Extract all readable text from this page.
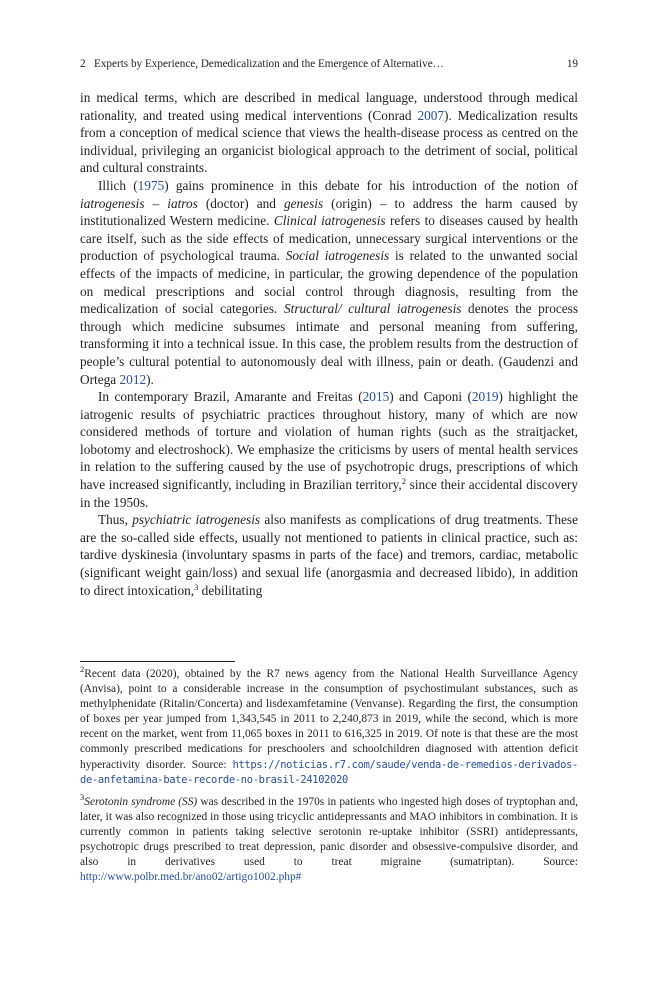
2   Experts by Experience, Demedicalization and the Emergence of Alternative…	19

in medical terms, which are described in medical language, understood through medical rationality, and treated using medical interventions (Conrad 2007). Medicalization results from a conception of medical science that views the health-disease process as centred on the individual, privileging an organicist biological approach to the detriment of social, political and cultural constraints.

Illich (1975) gains prominence in this debate for his introduction of the notion of iatrogenesis – iatros (doctor) and genesis (origin) – to address the harm caused by institutionalized Western medicine. Clinical iatrogenesis refers to diseases caused by health care itself, such as the side effects of medication, unnecessary surgical interventions or the production of psychological trauma. Social iatrogenesis is related to the unwanted social effects of the impacts of medicine, in particular, the growing dependence of the population on medical prescriptions and social control through diagnosis, resulting from the medicalization of social categories. Structural/ cultural iatrogenesis denotes the process through which medicine subsumes intimate and personal meaning from suffering, transforming it into a technical issue. In this case, the problem results from the destruction of people’s cultural potential to autonomously deal with illness, pain or death. (Gaudenzi and Ortega 2012).

In contemporary Brazil, Amarante and Freitas (2015) and Caponi (2019) highlight the iatrogenic results of psychiatric practices throughout history, many of which are now considered methods of torture and violation of human rights (such as the straitjacket, lobotomy and electroshock). We emphasize the criticisms by users of mental health services in relation to the suffering caused by the use of psychotropic drugs, prescriptions of which have increased significantly, including in Brazilian territory,$^2$ since their accidental discovery in the 1950s.

Thus, psychiatric iatrogenesis also manifests as complications of drug treatments. These are the so-called side effects, usually not mentioned to patients in clinical practice, such as: tardive dyskinesia (involuntary spasms in parts of the face) and tremors, cardiac, metabolic (significant weight gain/loss) and sexual life (anorgasmia and decreased libido), in addition to direct intoxication,$^3$ debilitating

$^2$Recent data (2020), obtained by the R7 news agency from the National Health Surveillance Agency (Anvisa), point to a considerable increase in the consumption of psychostimulant substances, such as methylphenidate (Ritalin/Concerta) and lisdexamfetamine (Venvanse). Regarding the first, the consumption of boxes per year jumped from 1,343,545 in 2011 to 2,240,873 in 2019, while the second, which is more recent on the market, went from 11,065 boxes in 2011 to 616,325 in 2019. Of note is that these are the most commonly prescribed medications for preschoolers and schoolchildren diagnosed with attention deficit hyperactivity disorder. Source: https://noticias.r7.com/saude/venda-de-remedios-derivados-de-anfetamina-bate-recorde-no-brasil-24102020

$^3$Serotonin syndrome (SS) was described in the 1970s in patients who ingested high doses of tryptophan and, later, it was also recognized in those using tricyclic antidepressants and MAO inhibitors in combination. It is currently common in patients taking selective serotonin re-uptake inhibitor (SSRI) antidepressants, psychotropic drugs prescribed to treat depression, panic disorder and obsessive-compulsive disorder, and also in derivatives used to treat migraine (sumatriptan). Source: http://www.polbr.med.br/ano02/artigo1002.php#
